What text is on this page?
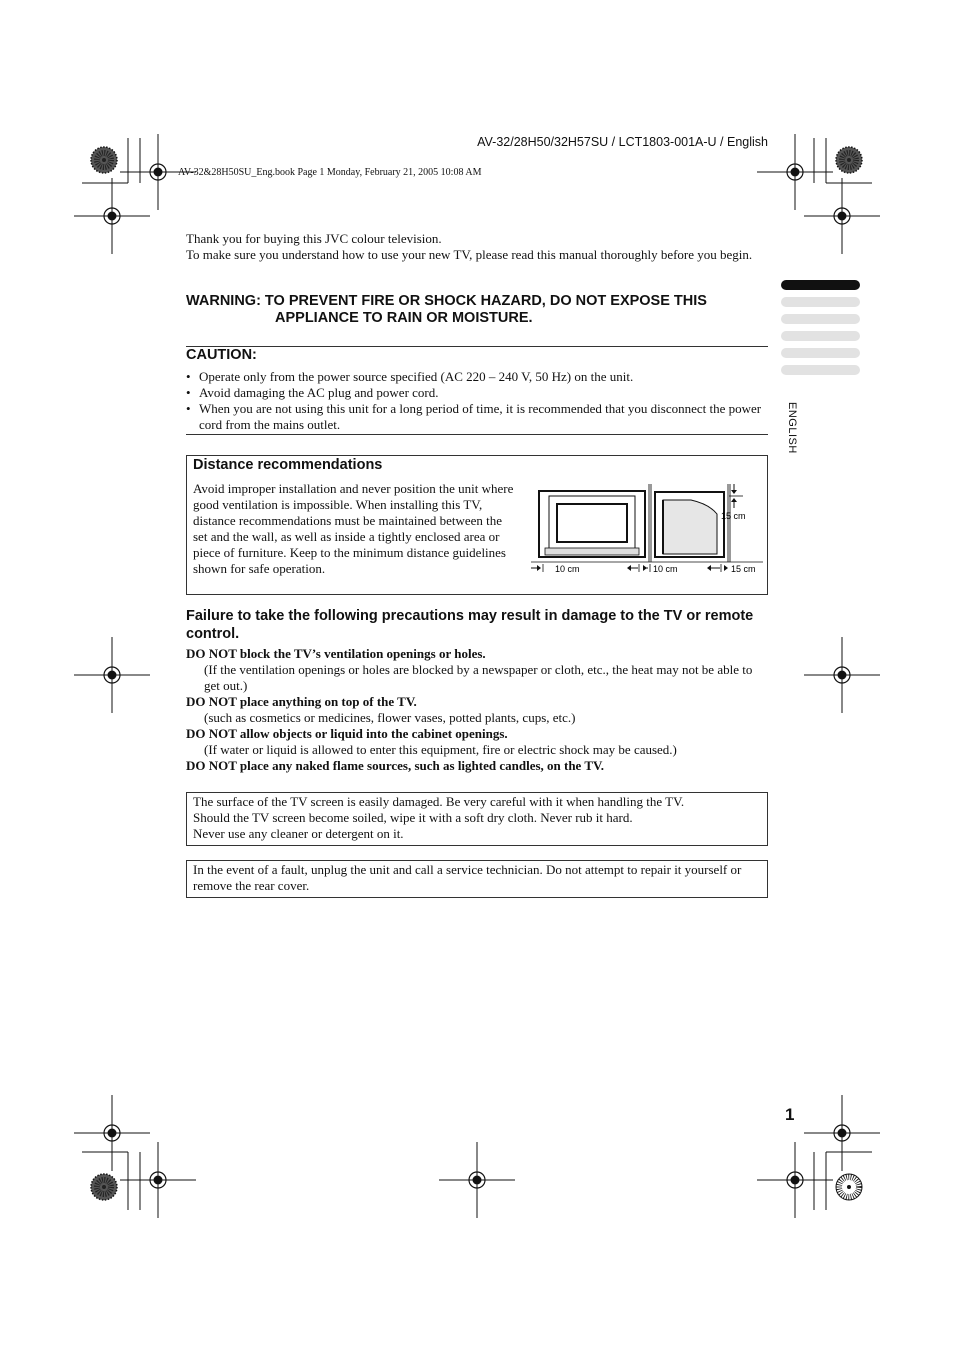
AV-32/28H50/32H57SU / LCT1803-001A-U / English
AV-32&28H50SU_Eng.book Page 1 Monday, February 21, 2005 10:08 AM

Thank you for buying this JVC colour television.

To make sure you understand how to use your new TV, please read this manual thoroughly before you begin.

WARNING: TO PREVENT FIRE OR SHOCK HAZARD, DO NOT EXPOSE THIS
APPLIANCE TO RAIN OR MOISTURE.
CAUTION:
• Operate only from the power source specified (AC 220 – 240 V, 50 Hz) on the unit.
• Avoid damaging the AC plug and power cord.
• When you are not using this unit for a long period of time, it is recommended that you disconnect the power cord from the mains outlet.
Distance recommendations
Avoid improper installation and never position the unit where good ventilation is impossible. When installing this TV, distance recommendations must be maintained between the set and the wall, as well as inside a tightly enclosed area or piece of furniture. Keep to the minimum distance guidelines shown for safe operation.
15 cm
10 cm	10 cm	15 cm
Failure to take the following precautions may result in damage to the TV or remote control.
DO NOT block the TV’s ventilation openings or holes.
(If the ventilation openings or holes are blocked by a newspaper or cloth, etc., the heat may not be able to get out.)
DO NOT place anything on top of the TV.
(such as cosmetics or medicines, flower vases, potted plants, cups, etc.)
DO NOT allow objects or liquid into the cabinet openings.
(If water or liquid is allowed to enter this equipment, fire or electric shock may be caused.)
DO NOT place any naked flame sources, such as lighted candles, on the TV.

The surface of the TV screen is easily damaged. Be very careful with it when handling the TV.

Should the TV screen become soiled, wipe it with a soft dry cloth. Never rub it hard.

Never use any cleaner or detergent on it.

In the event of a fault, unplug the unit and call a service technician. Do not attempt to repair it yourself or remove the rear cover.

ENGLISH
1
